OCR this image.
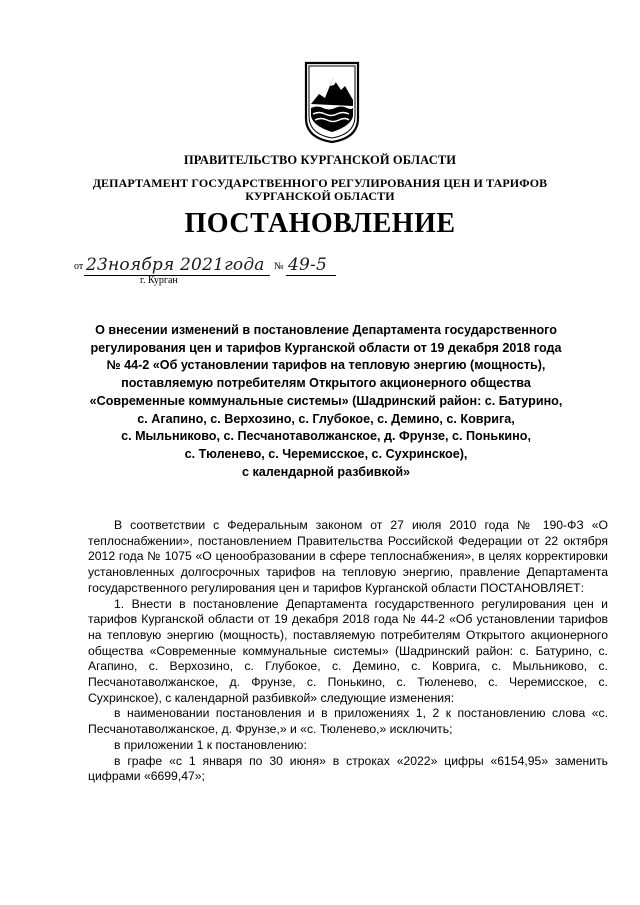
ПРАВИТЕЛЬСТВО КУРГАНСКОЙ ОБЛАСТИ
ДЕПАРТАМЕНТ ГОСУДАРСТВЕННОГО РЕГУЛИРОВАНИЯ ЦЕН И ТАРИФОВ
КУРГАНСКОЙ ОБЛАСТИ
ПОСТАНОВЛЕНИЕ
от 23ноября 2021года № 49-5
г. Курган
О внесении изменений в постановление Департамента государственного
регулирования цен и тарифов Курганской области от 19 декабря 2018 года
№ 44-2 «Об установлении тарифов на тепловую энергию (мощность),
поставляемую потребителям Открытого акционерного общества
«Современные коммунальные системы» (Шадринский район: с. Батурино,
с. Агапино, с. Верхозино, с. Глубокое, с. Демино, с. Коврига,
с. Мыльниково, с. Песчанотаволжанское, д. Фрунзе, с. Понькино,
с. Тюленево, с. Черемисское, с. Сухринское),
с календарной разбивкой»

В соответствии с Федеральным законом от 27 июля 2010 года № 190-ФЗ «О теплоснабжении», постановлением Правительства Российской Федерации от 22 октября 2012 года № 1075 «О ценообразовании в сфере теплоснабжения», в целях корректировки установленных долгосрочных тарифов на тепловую энергию, правление Департамента государственного регулирования цен и тарифов Курганской области ПОСТАНОВЛЯЕТ:

1. Внести в постановление Департамента государственного регулирования цен и тарифов Курганской области от 19 декабря 2018 года № 44-2 «Об установлении тарифов на тепловую энергию (мощность), поставляемую потребителям Открытого акционерного общества «Современные коммунальные системы» (Шадринский район: с. Батурино, с. Агапино, с. Верхозино, с. Глубокое, с. Демино, с. Коврига, с. Мыльниково, с. Песчанотаволжанское, д. Фрунзе, с. Понькино, с. Тюленево, с. Черемисское, с. Сухринское), с календарной разбивкой» следующие изменения:

в наименовании постановления и в приложениях 1, 2 к постановлению слова «с. Песчанотаволжанское, д. Фрунзе,» и «с. Тюленево,» исключить;

в приложении 1 к постановлению:

в графе «с 1 января по 30 июня» в строках «2022» цифры «6154,95» заменить цифрами «6699,47»;
